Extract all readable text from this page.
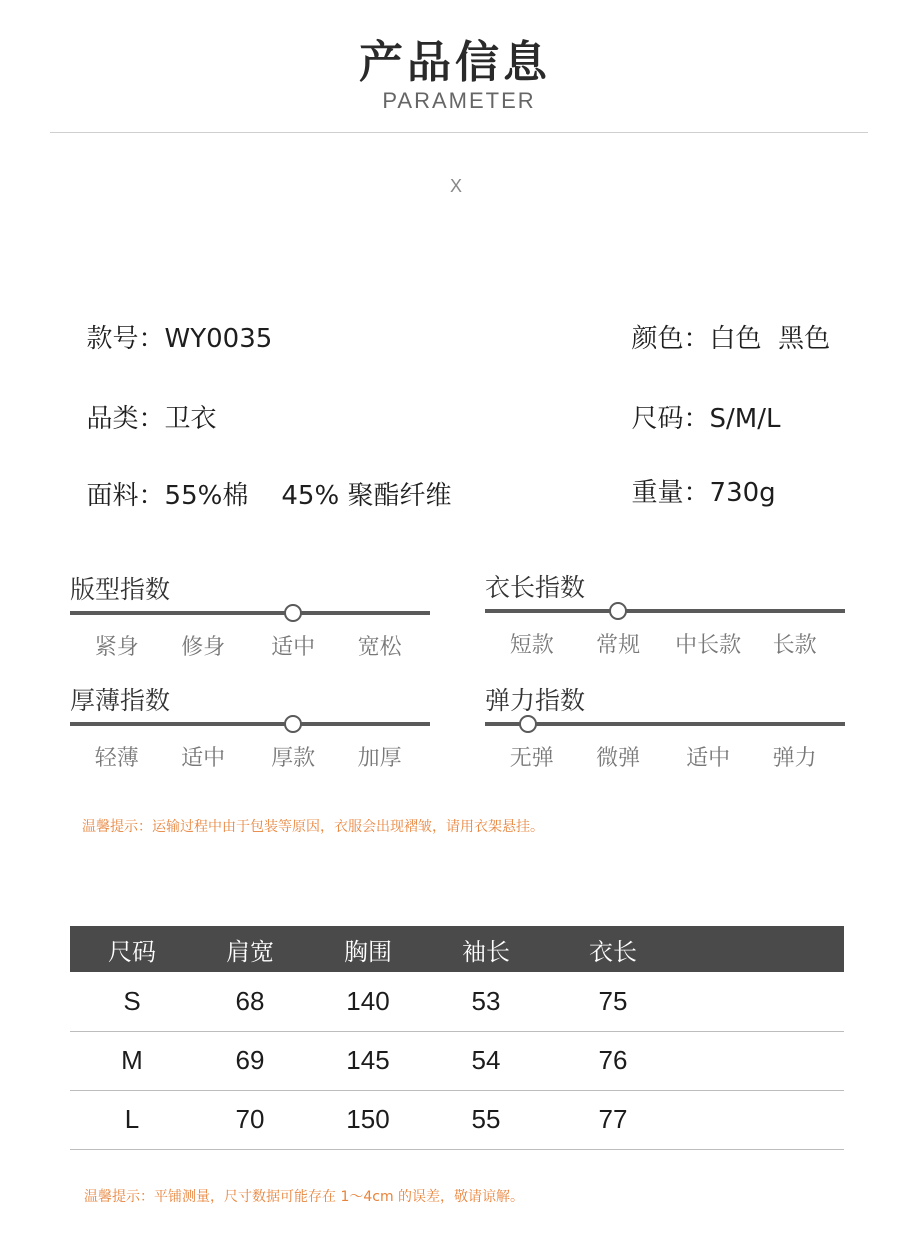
产品信息
PARAMETER
X

款号：WY0035

品类：卫衣

面料：55%棉    45% 聚酯纤维

颜色：白色  黑色

尺码：S/M/L

重量：730g

版型指数
紧身 修身 适中 宽松
衣长指数
短款 常规 中长款 长款
厚薄指数
轻薄 适中 厚款 加厚
弹力指数
无弹 微弹 适中 弹力
温馨提示：运输过程中由于包装等原因，衣服会出现褶皱，请用衣架悬挂。
尺码	肩宽	胸围	袖长	衣长	
S	68	140	53	75	
M	69	145	54	76	
L	70	150	55	77	
温馨提示：平铺测量，尺寸数据可能存在 1～4cm 的误差，敬请谅解。
